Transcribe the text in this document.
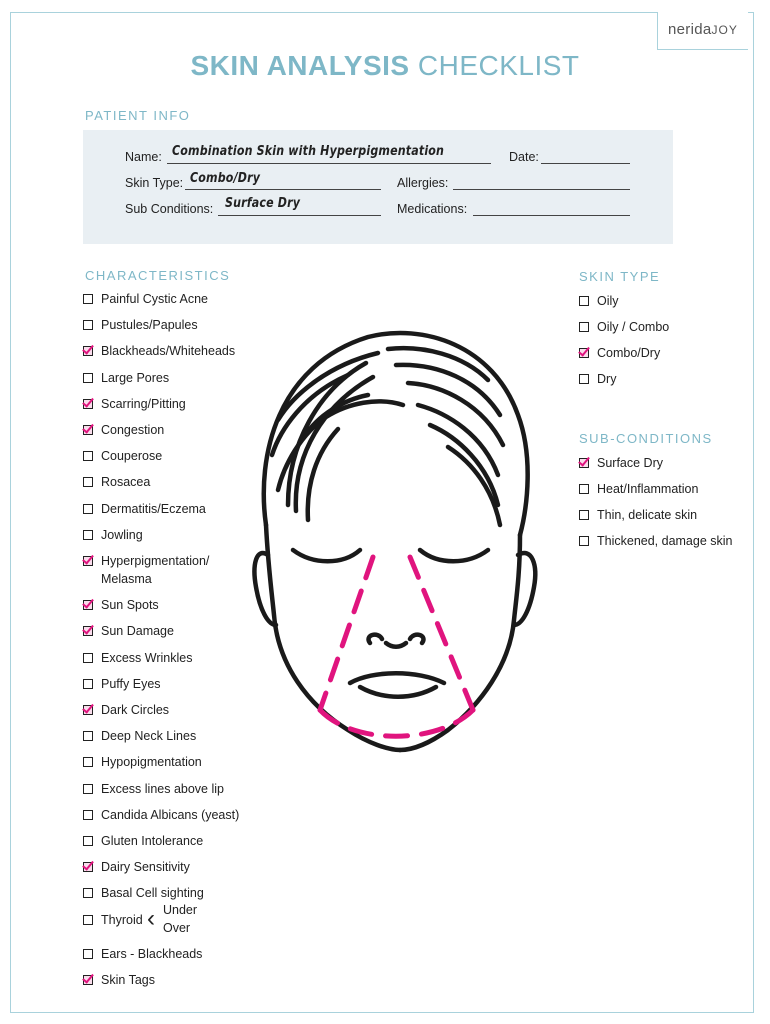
neridaJOY
SKIN ANALYSIS CHECKLIST
PATIENT INFO
Name: Combination Skin with Hyperpigmentation	Date:
Skin Type: Combo/Dry	Allergies:
Sub Conditions: Surface Dry	Medications:
CHARACTERISTICS	SKIN TYPE
SUB-CONDITIONS
Painful Cystic Acne
Pustules/Papules
Blackheads/Whiteheads
Large Pores
Scarring/Pitting
Congestion
Couperose
Rosacea
Dermatitis/Eczema
Jowling
Hyperpigmentation/
Melasma
Sun Spots
Sun Damage
Excess Wrinkles
Puffy Eyes
Dark Circles
Deep Neck Lines
Hypopigmentation
Excess lines above lip
Candida Albicans (yeast)
Gluten Intolerance
Dairy Sensitivity
Basal Cell sighting
Thyroid ‹ Under
Over
Ears - Blackheads
Skin Tags
Oily
Oily / Combo
Combo/Dry
Dry
Surface Dry
Heat/Inflammation
Thin, delicate skin
Thickened, damage skin
